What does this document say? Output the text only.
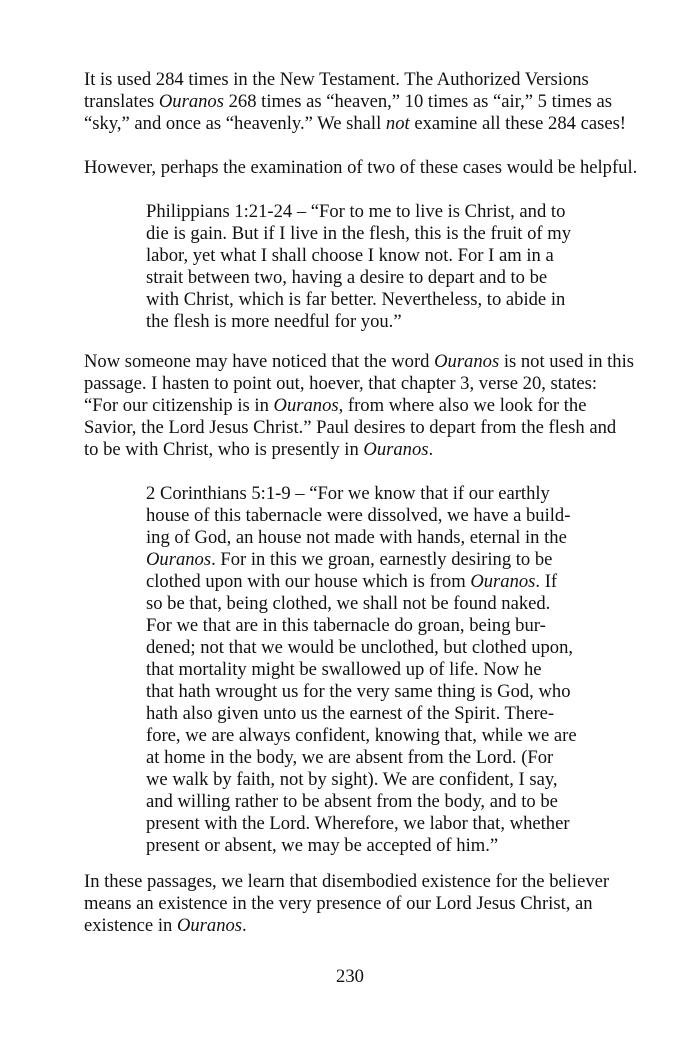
It is used 284 times in the New Testament. The Authorized Versions
translates Ouranos 268 times as “heaven,” 10 times as “air,” 5 times as
“sky,” and once as “heavenly.” We shall not examine all these 284 cases!
However, perhaps the examination of two of these cases would be helpful.
Philippians 1:21-24 – “For to me to live is Christ, and to
die is gain. But if I live in the flesh, this is the fruit of my
labor, yet what I shall choose I know not. For I am in a
strait between two, having a desire to depart and to be
with Christ, which is far better. Nevertheless, to abide in
the flesh is more needful for you.”
Now someone may have noticed that the word Ouranos is not used in this
passage. I hasten to point out, hoever, that chapter 3, verse 20, states:
“For our citizenship is in Ouranos, from where also we look for the
Savior, the Lord Jesus Christ.” Paul desires to depart from the flesh and
to be with Christ, who is presently in Ouranos.
2 Corinthians 5:1-9 – “For we know that if our earthly
house of this tabernacle were dissolved, we have a build-
ing of God, an house not made with hands, eternal in the
Ouranos. For in this we groan, earnestly desiring to be
clothed upon with our house which is from Ouranos. If
so be that, being clothed, we shall not be found naked.
For we that are in this tabernacle do groan, being bur-
dened; not that we would be unclothed, but clothed upon,
that mortality might be swallowed up of life. Now he
that hath wrought us for the very same thing is God, who
hath also given unto us the earnest of the Spirit. There-
fore, we are always confident, knowing that, while we are
at home in the body, we are absent from the Lord. (For
we walk by faith, not by sight). We are confident, I say,
and willing rather to be absent from the body, and to be
present with the Lord. Wherefore, we labor that, whether
present or absent, we may be accepted of him.”
In these passages, we learn that disembodied existence for the believer
means an existence in the very presence of our Lord Jesus Christ, an
existence in Ouranos.
230
